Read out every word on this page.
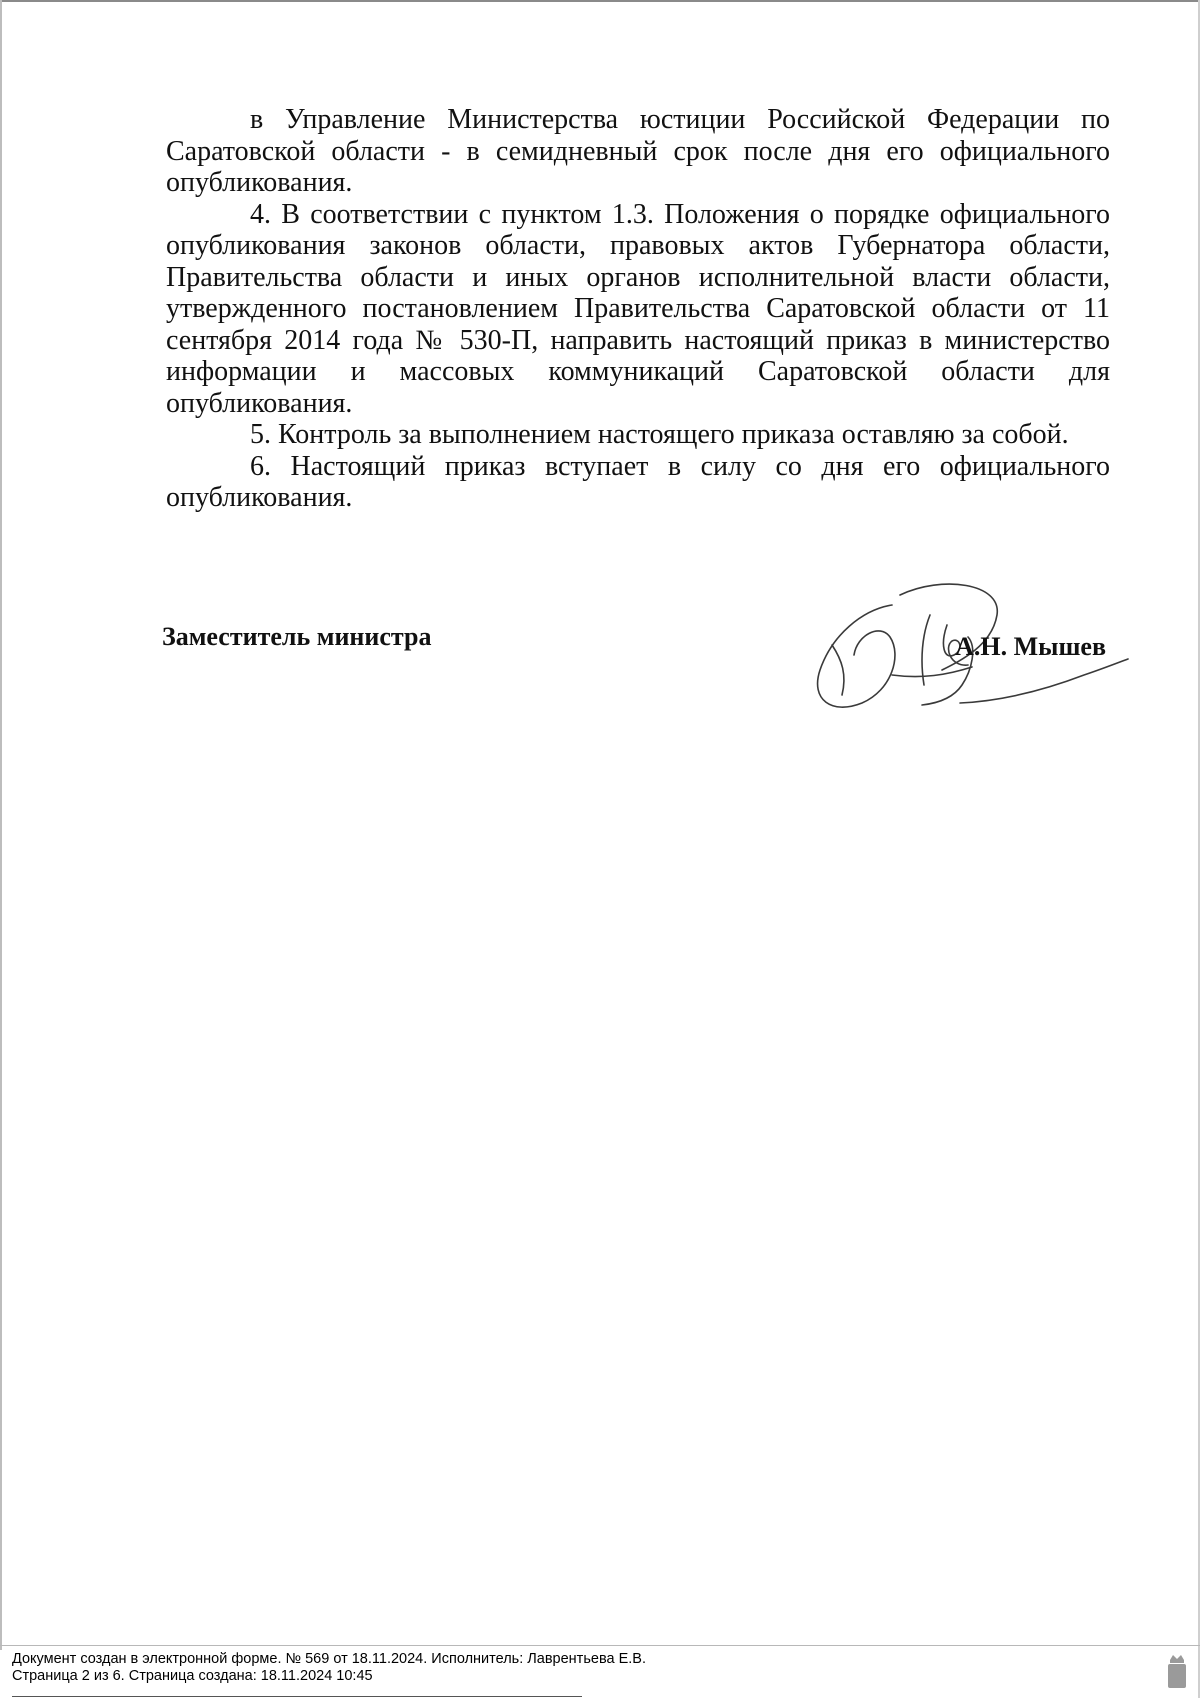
в Управление Министерства юстиции Российской Федерации по Саратовской области - в семидневный срок после дня его официального опубликования.

4. В соответствии с пунктом 1.3. Положения о порядке официального опубликования законов области, правовых актов Губернатора области, Правительства области и иных органов исполнительной власти области, утвержденного постановлением Правительства Саратовской области от 11 сентября 2014 года № 530-П, направить настоящий приказ в министерство информации и массовых коммуникаций Саратовской области для опубликования.

5. Контроль за выполнением настоящего приказа оставляю за собой.

6. Настоящий приказ вступает в силу со дня его официального опубликования.

Заместитель министра	А.Н. Мышев
Документ создан в электронной форме. № 569 от 18.11.2024. Исполнитель: Лаврентьева Е.В.
Страница 2 из 6. Страница создана: 18.11.2024 10:45
